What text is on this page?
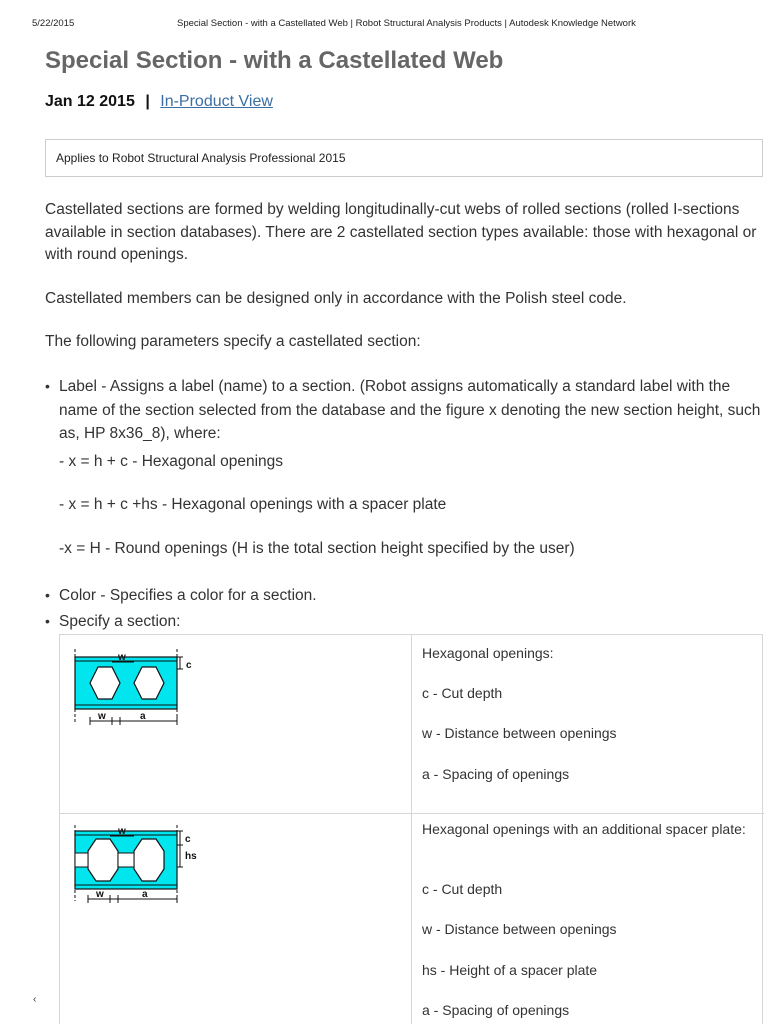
5/22/2015	Special Section - with a Castellated Web | Robot Structural Analysis Products | Autodesk Knowledge Network
Special Section - with a Castellated Web
Jan 12 2015 | In-Product View
Applies to Robot Structural Analysis Professional 2015

Castellated sections are formed by welding longitudinally-cut webs of rolled sections (rolled I-sections available in section databases). There are 2 castellated section types available: those with hexagonal or with round openings.

Castellated members can be designed only in accordance with the Polish steel code.

The following parameters specify a castellated section:

• Label - Assigns a label (name) to a section. (Robot assigns automatically a standard label with the name of the section selected from the database and the figure x denoting the new section height, such as, HP 8x36_8), where:
- x = h + c - Hexagonal openings
- x = h + c +hs - Hexagonal openings with a spacer plate
-x = H - Round openings (H is the total section height specified by the user)
• Color - Specifies a color for a section.
• Specify a section:
w
c
w	a
Hexagonal openings:
c - Cut depth
w - Distance between openings
a - Spacing of openings
w
c
hs
w	a
Hexagonal openings with an additional spacer plate:
c - Cut depth
w - Distance between openings
hs - Height of a spacer plate
a - Spacing of openings
‹
